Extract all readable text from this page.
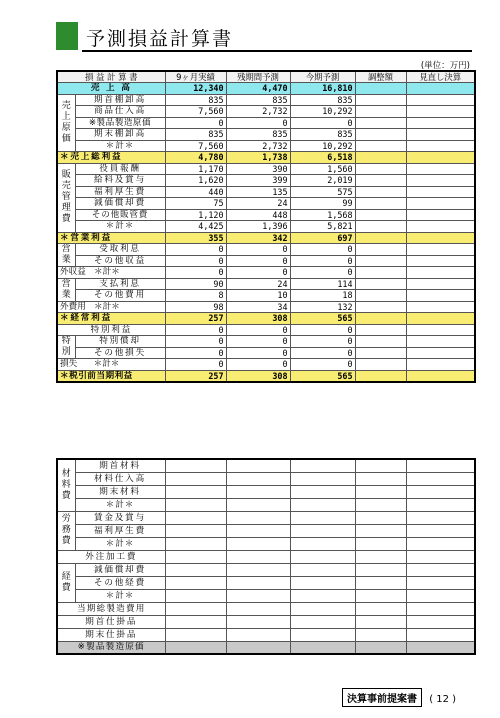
予測損益計算書
(単位：万円)
損 益 計 算 書		9ヶ月実績	残期間予測	今期予測	調整額	見直し決算
売 上 高		12,340	4,470	16,810		
売上原価	期首棚卸高	835	835	835		
	商品仕入高	7,560	2,732	10,292		
	※製品製造原価	0	0	0		
	期末棚卸高	835	835	835		
	＊計＊	7,560	2,732	10,292		
＊売上総利益		4,780	1,738	6,518		
販売管理費	役員報酬	1,170	390	1,560		
	給料及賞与	1,620	399	2,019		
	福利厚生費	440	135	575		
	減価償却費	75	24	99		
	その他販管費	1,120	448	1,568		
	＊計＊	4,425	1,396	5,821		
＊営業利益		355	342	697		
営業	受取利息	0	0	0		
	その他収益	0	0	0		
外収益 ＊計＊		0	0	0		
営業	支払利息	90	24	114		
	その他費用	8	10	18		
外費用 ＊計＊		98	34	132		
＊経常利益		257	308	565		
特別利益		0	0	0		
特別	特別償却	0	0	0		
	その他損失	0	0	0		
損失 ＊計＊		0	0	0		
＊税引前当期利益		257	308	565		
材料費	期首材料					
	材料仕入高					
	期末材料					
	＊計＊					
労務費	賃金及賞与					
	福利厚生費					
	＊計＊					
外注加工費						
経費	減価償却費					
	その他経費					
	＊計＊					
当期総製造費用						
期首仕掛品						
期末仕掛品						
※製品製造原価						
決算事前提案書 ( 12 )
